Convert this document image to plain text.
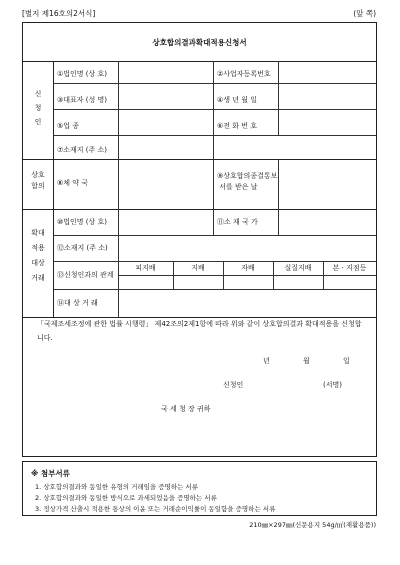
[별지 제16호의2서식]	(앞 쪽)
상호합의결과확대적용신청서
신
청
인
상호
합의
확대
적용
대상
거래
①법인명 (상 호)	②사업자등록번호
③대표자 (성 명)	④생 년 월 일
⑤업 종	⑥전 화 번 호
⑦소재지 (주 소)
⑧체 약 국
⑨상호합의종결통보
서를 받은 날
⑩법인명 (상 호)	⑪소 재 국 가
⑫소재지 (주 소)
⑬신청인과의 관계
⑭대 상 거 래
피지배	지배	자배	실질지배	본 · 지점등
「국제조세조정에 관한 법률 시행령」 제42조의2제1항에 따라 위와 같이 상호합의결과 확대적용을 신청합니다.
년	월	일
신청인	(서명)
국 세 청 장 귀하
※ 첨부서류
1. 상호합의결과와 동일한 유형의 거래임을 증명하는 서류
2. 상호합의결과와 동일한 방식으로 과세되었음을 증명하는 서류
3. 정상가격 산출시 적용한 통상의 이윤 또는 거래순이익률이 동일함을 증명하는 서류
210㎜×297㎜(신문용지 54g/㎡(재활용품))
